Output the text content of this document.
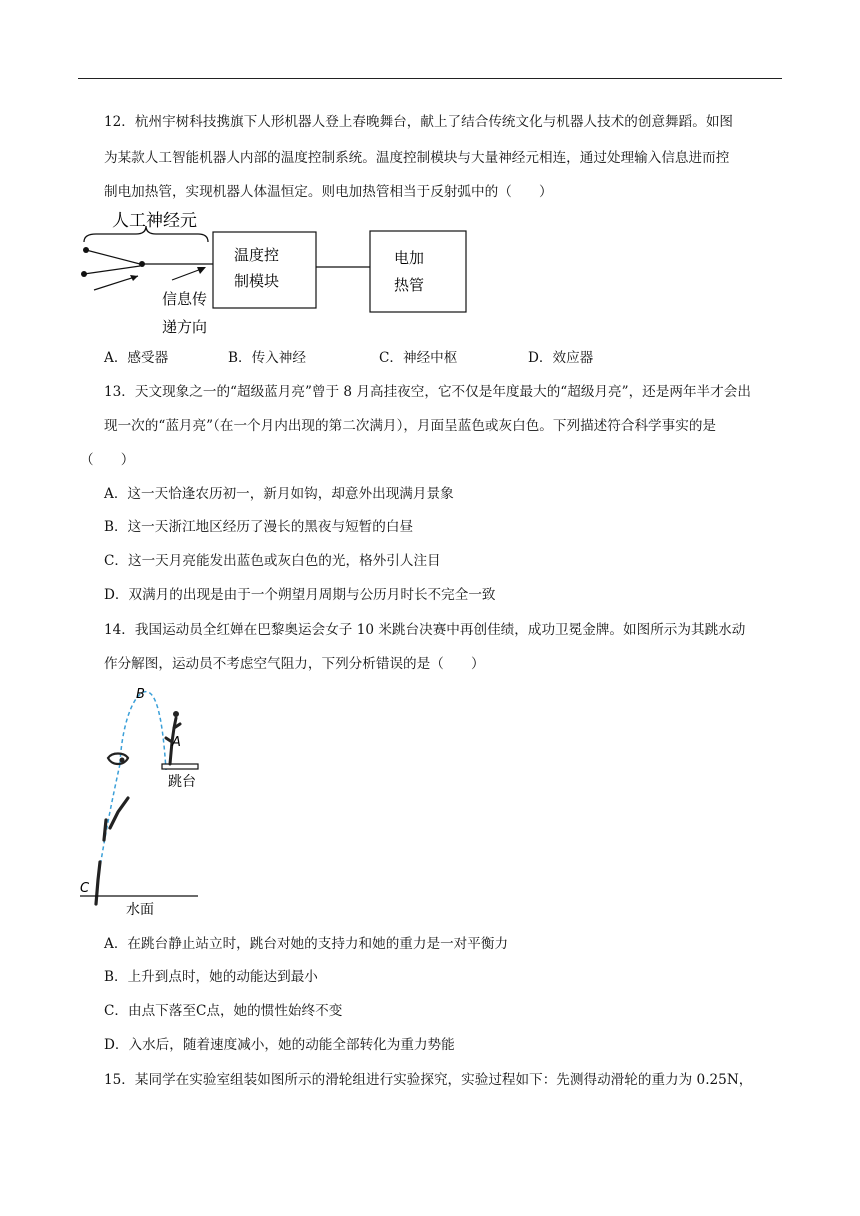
12．杭州宇树科技携旗下人形机器人登上春晚舞台，献上了结合传统文化与机器人技术的创意舞蹈。如图
为某款人工智能机器人内部的温度控制系统。温度控制模块与大量神经元相连，通过处理输入信息进而控
制电加热管，实现机器人体温恒定。则电加热管相当于反射弧中的（　　）
人工神经元
信息传
递方向
温度控
制模块
电加
热管
A．感受器	B．传入神经	C．神经中枢	D．效应器
13．天文现象之一的“超级蓝月亮”曾于 8 月高挂夜空，它不仅是年度最大的“超级月亮”，还是两年半才会出
现一次的“蓝月亮”（在一个月内出现的第二次满月），月面呈蓝色或灰白色。下列描述符合科学事实的是
（　　）
A．这一天恰逢农历初一，新月如钩，却意外出现满月景象
B．这一天浙江地区经历了漫长的黑夜与短暂的白昼
C．这一天月亮能发出蓝色或灰白色的光，格外引人注目
D．双满月的出现是由于一个朔望月周期与公历月时长不完全一致
14．我国运动员全红婵在巴黎奥运会女子 10 米跳台决赛中再创佳绩，成功卫冕金牌。如图所示为其跳水动
作分解图，运动员不考虑空气阻力，下列分析错误的是（　　）
跳台
A
B
C
水面
A．在跳台静止站立时，跳台对她的支持力和她的重力是一对平衡力
B．上升到点时，她的动能达到最小
C．由点下落至C点，她的惯性始终不变
D．入水后，随着速度减小，她的动能全部转化为重力势能
15．某同学在实验室组装如图所示的滑轮组进行实验探究，实验过程如下：先测得动滑轮的重力为 0.25N，
